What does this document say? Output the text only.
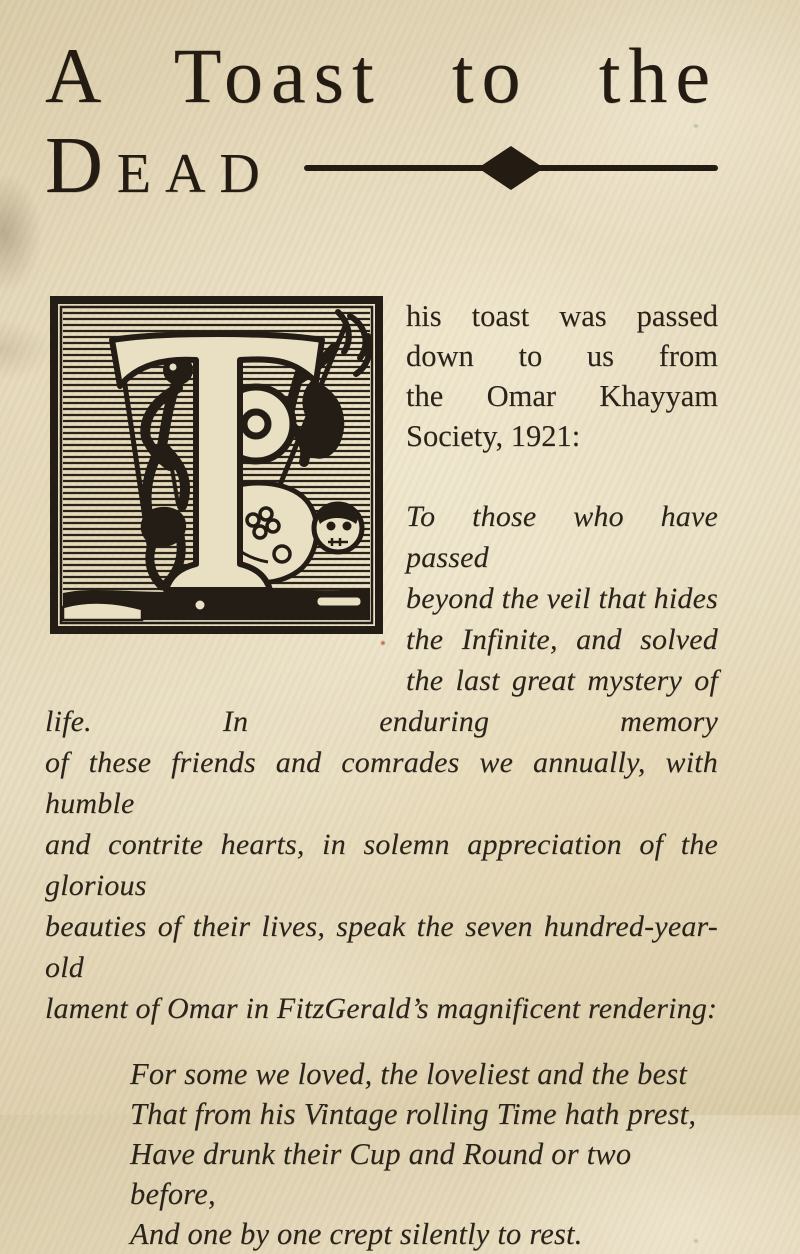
A Toast to the
Dead
his toast was passed
down to us from
the Omar Khayyam
Society, 1921:
To those who have passed
beyond the veil that hides
the Infinite, and solved
the last great mystery of
life. In enduring memory
of these friends and comrades we annually, with humble
and contrite hearts, in solemn appreciation of the glorious
beauties of their lives, speak the seven hundred-year-old
lament of Omar in FitzGerald’s magnificent rendering:
For some we loved, the loveliest and the best
That from his Vintage rolling Time hath prest,
Have drunk their Cup and Round or two before,
And one by one crept silently to rest.
